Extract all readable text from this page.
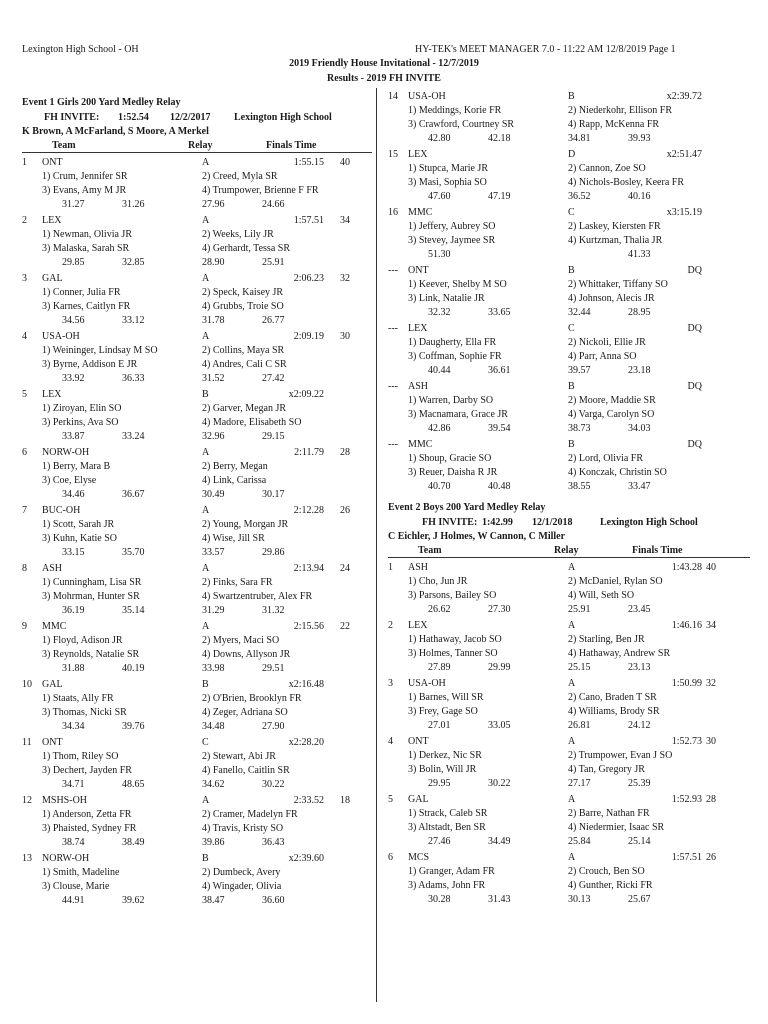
Lexington High School - OH	HY-TEK's MEET MANAGER 7.0 - 11:22 AM 12/8/2019 Page 1
2019 Friendly House Invitational - 12/7/2019
Results - 2019 FH INVITE
Event 1 Girls 200 Yard Medley Relay
FH INVITE: 1:52.54 12/2/2017 Lexington High School
K Brown, A McFarland, S Moore, A Merkel
Team	Relay	Finals Time
1 ONT	A	1:55.15 40
1) Crum, Jennifer SR	2) Creed, Myla SR
3) Evans, Amy M JR	4) Trumpower, Brienne F FR
31.27	31.26	27.96	24.66
2 LEX	A	1:57.51 34
1) Newman, Olivia JR	2) Weeks, Lily JR
3) Malaska, Sarah SR	4) Gerhardt, Tessa SR
29.85	32.85	28.90	25.91
3 GAL	A	2:06.23 32
1) Conner, Julia FR	2) Speck, Kaisey JR
3) Karnes, Caitlyn FR	4) Grubbs, Troie SO
34.56	33.12	31.78	26.77
4 USA-OH	A	2:09.19 30
1) Weininger, Lindsay M SO	2) Collins, Maya SR
3) Byrne, Addison E JR	4) Andres, Cali C SR
33.92	36.33	31.52	27.42
5 LEX	B	x2:09.22
1) Ziroyan, Elin SO	2) Garver, Megan JR
3) Perkins, Ava SO	4) Madore, Elisabeth SO
33.87	33.24	32.96	29.15
6 NORW-OH	A	2:11.79 28
1) Berry, Mara B	2) Berry, Megan
3) Coe, Elyse	4) Link, Carissa
34.46	36.67	30.49	30.17
7 BUC-OH	A	2:12.28 26
1) Scott, Sarah JR	2) Young, Morgan JR
3) Kuhn, Katie SO	4) Wise, Jill SR
33.15	35.70	33.57	29.86
8 ASH	A	2:13.94 24
1) Cunningham, Lisa SR	2) Finks, Sara FR
3) Mohrman, Hunter SR	4) Swartzentruber, Alex FR
36.19	35.14	31.29	31.32
9 MMC	A	2:15.56 22
1) Floyd, Adison JR	2) Myers, Maci SO
3) Reynolds, Natalie SR	4) Downs, Allyson JR
31.88	40.19	33.98	29.51
10 GAL	B	x2:16.48
1) Staats, Ally FR	2) O'Brien, Brooklyn FR
3) Thomas, Nicki SR	4) Zeger, Adriana SO
34.34	39.76	34.48	27.90
11 ONT	C	x2:28.20
1) Thom, Riley SO	2) Stewart, Abi JR
3) Dechert, Jayden FR	4) Fanello, Caitlin SR
34.71	48.65	34.62	30.22
12 MSHS-OH	A	2:33.52 18
1) Anderson, Zetta FR	2) Cramer, Madelyn FR
3) Phaisted, Sydney FR	4) Travis, Kristy SO
38.74	38.49	39.86	36.43
13 NORW-OH	B	x2:39.60
1) Smith, Madeline	2) Dumbeck, Avery
3) Clouse, Marie	4) Wingader, Olivia
44.91	39.62	38.47	36.60
14 USA-OH	B	x2:39.72
1) Meddings, Korie FR	2) Niederkohr, Ellison FR
3) Crawford, Courtney SR	4) Rapp, McKenna FR
42.80	42.18	34.81	39.93
15 LEX	D	x2:51.47
1) Stupca, Marie JR	2) Cannon, Zoe SO
3) Masi, Sophia SO	4) Nichols-Bosley, Keera FR
47.60	47.19	36.52	40.16
16 MMC	C	x3:15.19
1) Jeffery, Aubrey SO	2) Laskey, Kiersten FR
3) Stevey, Jaymee SR	4) Kurtzman, Thalia JR
51.30	41.33
--- ONT	B	DQ
1) Keever, Shelby M SO	2) Whittaker, Tiffany SO
3) Link, Natalie JR	4) Johnson, Alecis JR
32.32	33.65	32.44	28.95
--- LEX	C	DQ
1) Daugherty, Ella FR	2) Nickoli, Ellie JR
3) Coffman, Sophie FR	4) Parr, Anna SO
40.44	36.61	39.57	23.18
--- ASH	B	DQ
1) Warren, Darby SO	2) Moore, Maddie SR
3) Macnamara, Grace JR	4) Varga, Carolyn SO
42.86	39.54	38.73	34.03
--- MMC	B	DQ
1) Shoup, Gracie SO	2) Lord, Olivia FR
3) Reuer, Daisha R JR	4) Konczak, Christin SO
40.70	40.48	38.55	33.47
Event 2 Boys 200 Yard Medley Relay
FH INVITE: 1:42.99 12/1/2018	Lexington High School
C Eichler, J Holmes, W Cannon, C Miller
Team	Relay	Finals Time
1 ASH	A	1:43.28 40
1) Cho, Jun JR	2) McDaniel, Rylan SO
3) Parsons, Bailey SO	4) Will, Seth SO
26.62	27.30	25.91	23.45
2 LEX	A	1:46.16 34
1) Hathaway, Jacob SO	2) Starling, Ben JR
3) Holmes, Tanner SO	4) Hathaway, Andrew SR
27.89	29.99	25.15	23.13
3 USA-OH	A	1:50.99 32
1) Barnes, Will SR	2) Cano, Braden T SR
3) Frey, Gage SO	4) Williams, Brody SR
27.01	33.05	26.81	24.12
4 ONT	A	1:52.73 30
1) Derkez, Nic SR	2) Trumpower, Evan J SO
3) Bolin, Will JR	4) Tan, Gregory JR
29.95	30.22	27.17	25.39
5 GAL	A	1:52.93 28
1) Strack, Caleb SR	2) Barre, Nathan FR
3) Altstadt, Ben SR	4) Niedermier, Isaac SR
27.46	34.49	25.84	25.14
6 MCS	A	1:57.51 26
1) Granger, Adam FR	2) Crouch, Ben SO
3) Adams, John FR	4) Gunther, Ricki FR
30.28	31.43	30.13	25.67
